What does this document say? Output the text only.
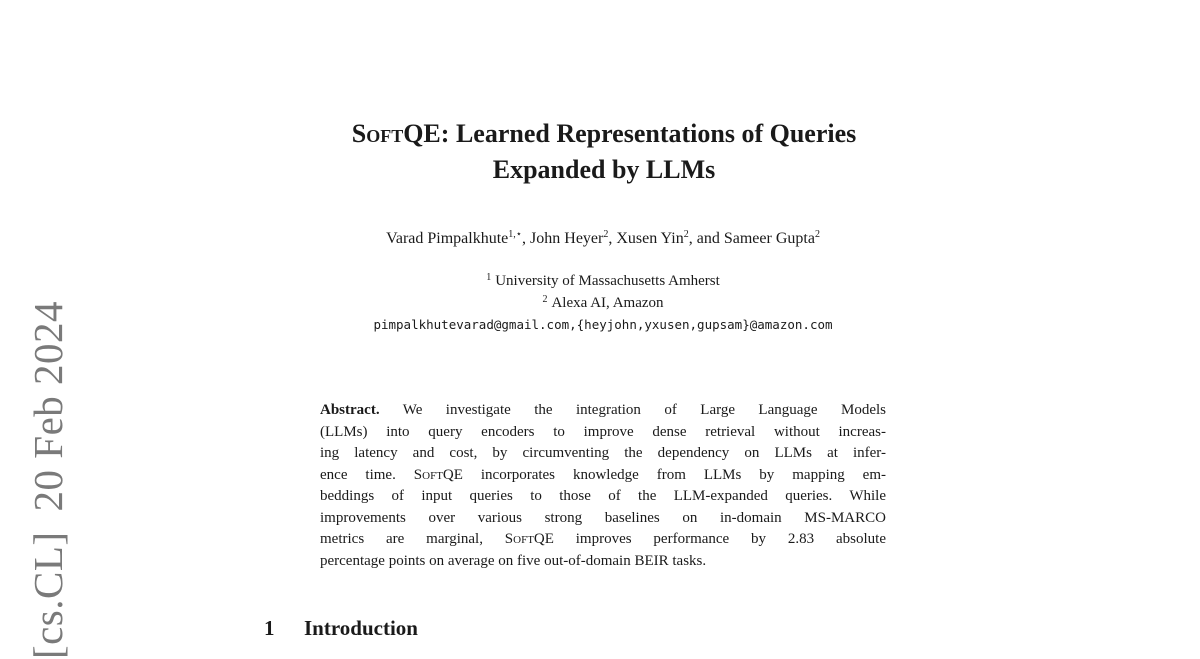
[cs.CL]20 Feb 2024
SoftQE: Learned Representations of Queries
Expanded by LLMs
Varad Pimpalkhute$^{1,⋆}$, John Heyer$^2$, Xusen Yin$^2$, and Sameer Gupta$^2$
$^1$ University of Massachusetts Amherst
$^2$ Alexa AI, Amazon
pimpalkhutevarad@gmail.com,{heyjohn,yxusen,gupsam}@amazon.com
Abstract. We investigate the integration of Large Language Models
(LLMs) into query encoders to improve dense retrieval without increas-
ing latency and cost, by circumventing the dependency on LLMs at infer-
ence time. SoftQE incorporates knowledge from LLMs by mapping em-
beddings of input queries to those of the LLM-expanded queries. While
improvements over various strong baselines on in-domain MS-MARCO
metrics are marginal, SoftQE improves performance by 2.83 absolute
percentage points on average on five out-of-domain BEIR tasks.
1 Introduction
